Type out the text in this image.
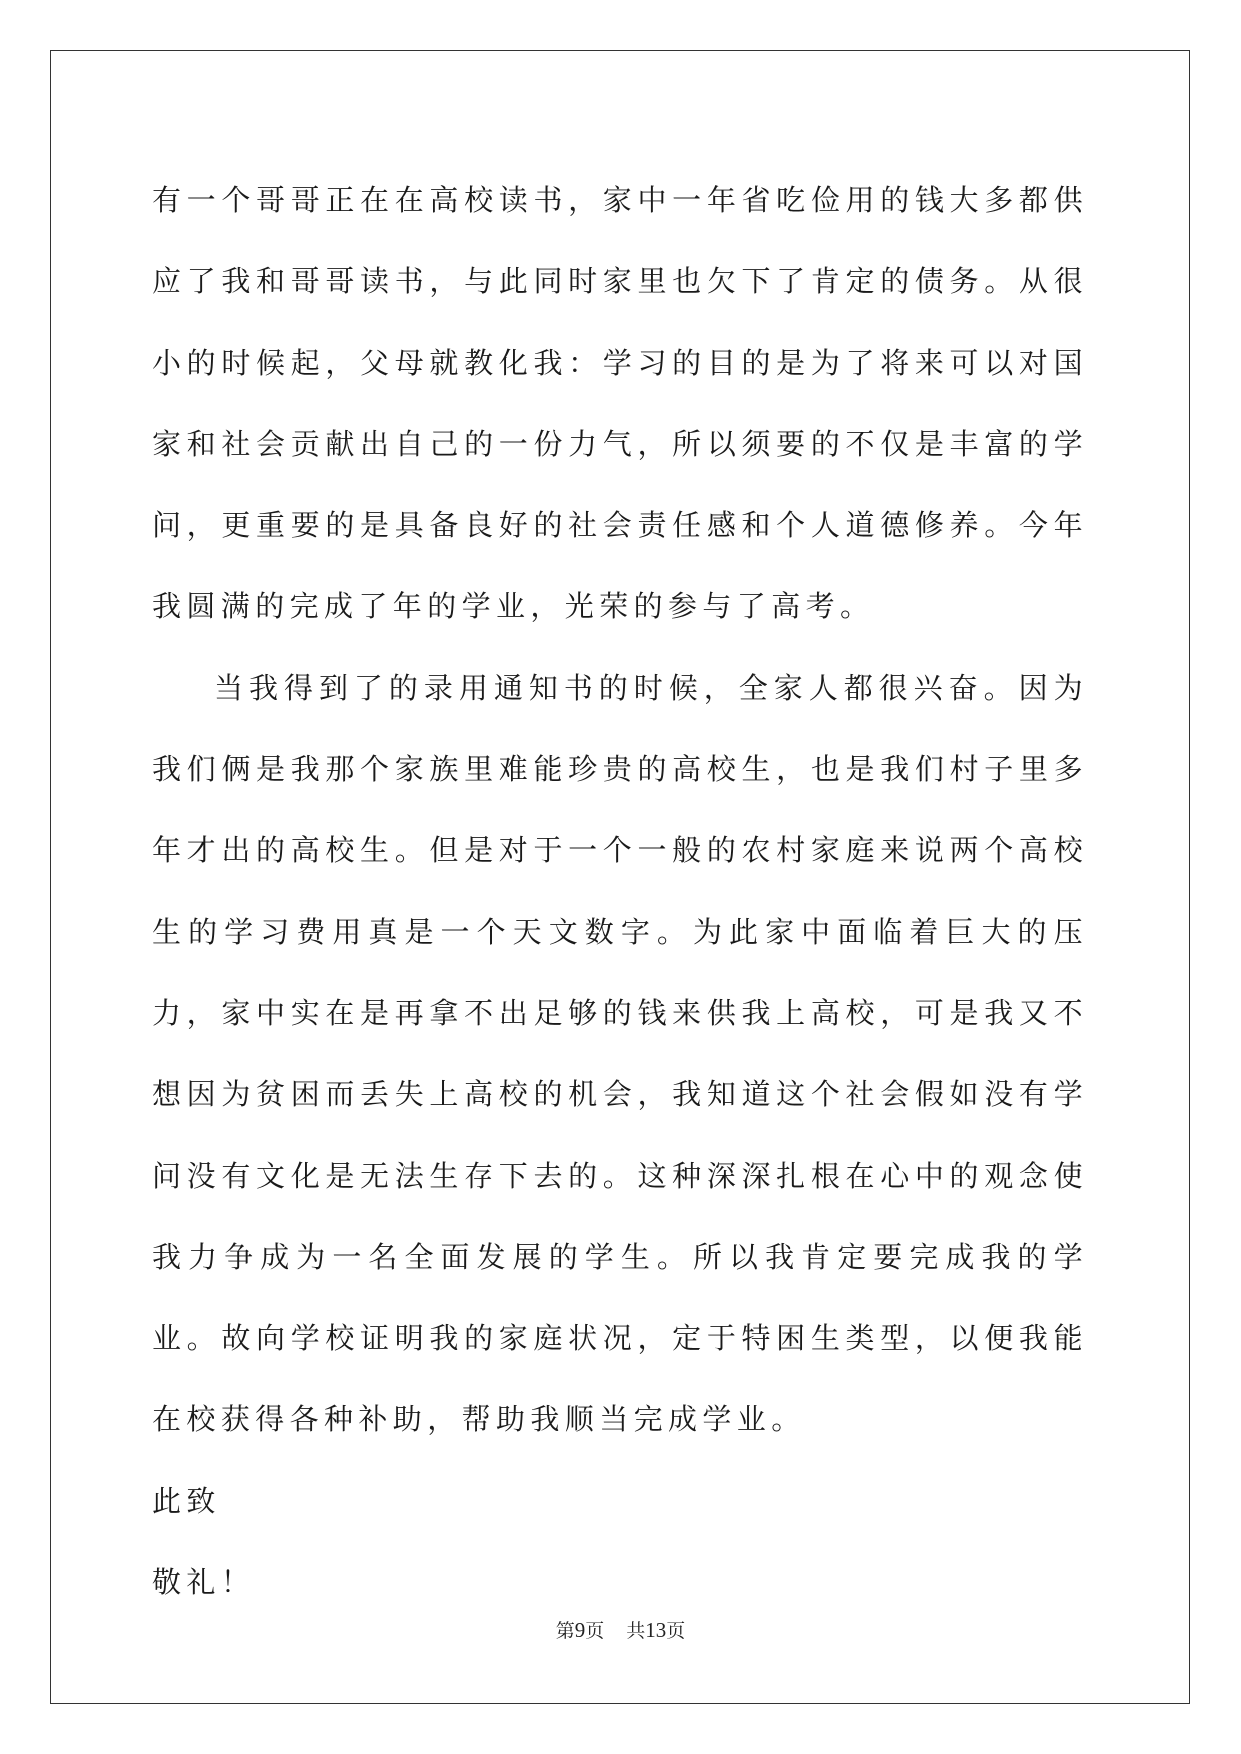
有一个哥哥正在在高校读书，家中一年省吃俭用的钱大多都供应了我和哥哥读书，与此同时家里也欠下了肯定的债务。从很小的时候起，父母就教化我：学习的目的是为了将来可以对国家和社会贡献出自己的一份力气，所以须要的不仅是丰富的学问，更重要的是具备良好的社会责任感和个人道德修养。今年我圆满的完成了年的学业，光荣的参与了高考。

当我得到了的录用通知书的时候，全家人都很兴奋。因为我们俩是我那个家族里难能珍贵的高校生，也是我们村子里多年才出的高校生。但是对于一个一般的农村家庭来说两个高校生的学习费用真是一个天文数字。为此家中面临着巨大的压力，家中实在是再拿不出足够的钱来供我上高校，可是我又不想因为贫困而丢失上高校的机会，我知道这个社会假如没有学问没有文化是无法生存下去的。这种深深扎根在心中的观念使我力争成为一名全面发展的学生。所以我肯定要完成我的学业。故向学校证明我的家庭状况，定于特困生类型，以便我能在校获得各种补助，帮助我顺当完成学业。

此致

敬礼！

第9页 共13页
